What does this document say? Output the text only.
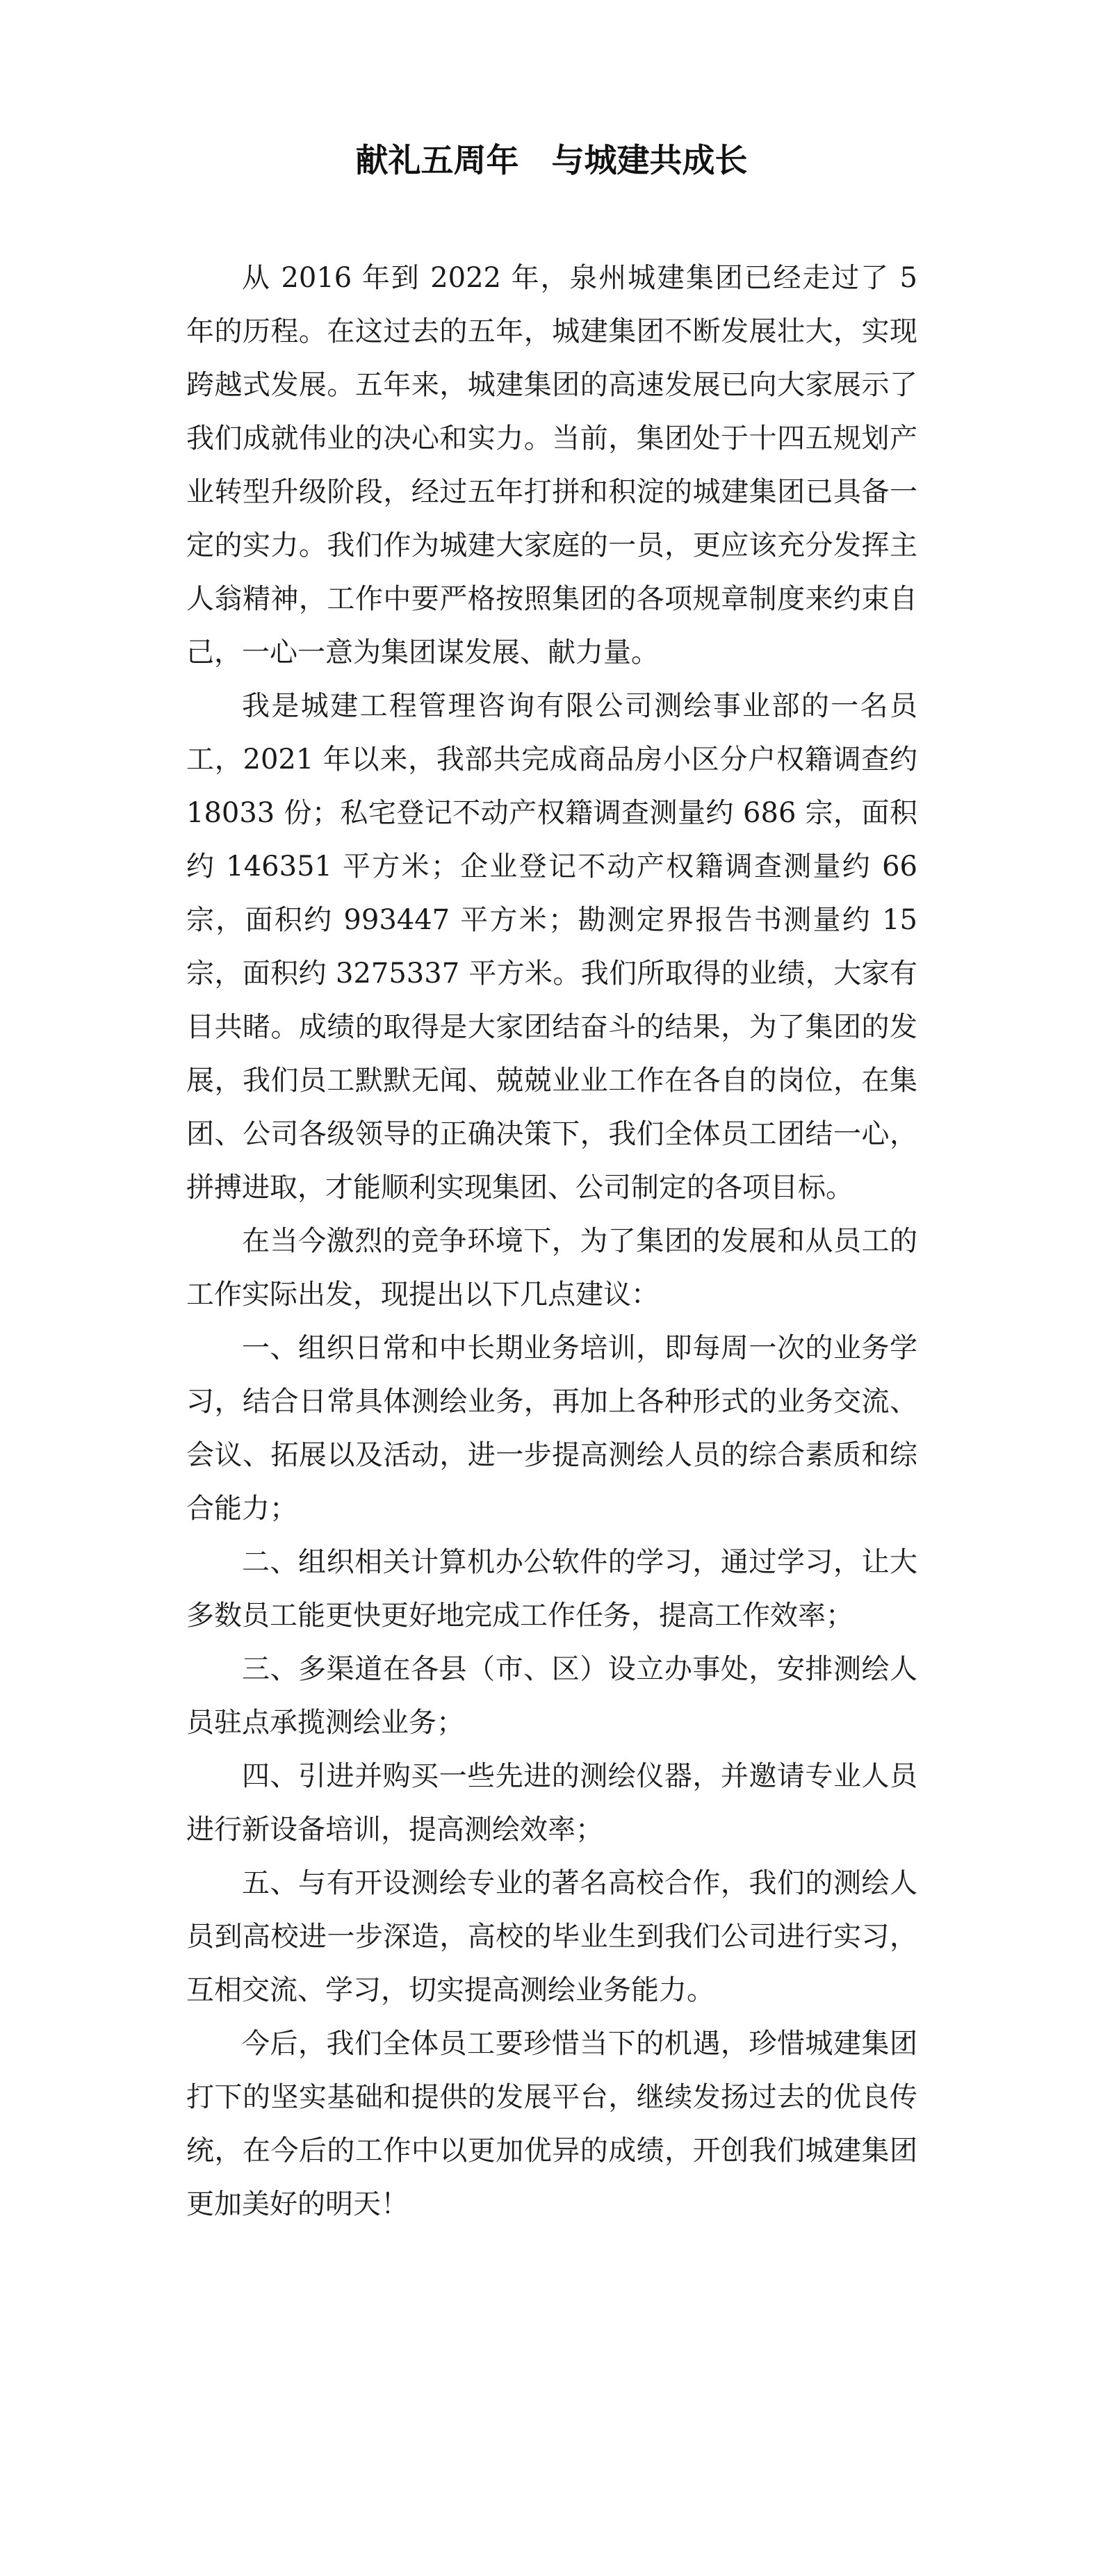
献礼五周年　与城建共成长

从 2016 年到 2022 年，泉州城建集团已经走过了 5 年的历程。在这过去的五年，城建集团不断发展壮大，实现跨越式发展。五年来，城建集团的高速发展已向大家展示了我们成就伟业的决心和实力。当前，集团处于十四五规划产业转型升级阶段，经过五年打拼和积淀的城建集团已具备一定的实力。我们作为城建大家庭的一员，更应该充分发挥主人翁精神，工作中要严格按照集团的各项规章制度来约束自己，一心一意为集团谋发展、献力量。

我是城建工程管理咨询有限公司测绘事业部的一名员工，2021 年以来，我部共完成商品房小区分户权籍调查约 18033 份；私宅登记不动产权籍调查测量约 686 宗，面积约 146351 平方米；企业登记不动产权籍调查测量约 66 宗，面积约 993447 平方米；勘测定界报告书测量约 15 宗，面积约 3275337 平方米。我们所取得的业绩，大家有目共睹。成绩的取得是大家团结奋斗的结果，为了集团的发展，我们员工默默无闻、兢兢业业工作在各自的岗位，在集团、公司各级领导的正确决策下，我们全体员工团结一心，拼搏进取，才能顺利实现集团、公司制定的各项目标。

在当今激烈的竞争环境下，为了集团的发展和从员工的工作实际出发，现提出以下几点建议：

一、组织日常和中长期业务培训，即每周一次的业务学习，结合日常具体测绘业务，再加上各种形式的业务交流、会议、拓展以及活动，进一步提高测绘人员的综合素质和综合能力；

二、组织相关计算机办公软件的学习，通过学习，让大多数员工能更快更好地完成工作任务，提高工作效率；

三、多渠道在各县（市、区）设立办事处，安排测绘人员驻点承揽测绘业务；

四、引进并购买一些先进的测绘仪器，并邀请专业人员进行新设备培训，提高测绘效率；

五、与有开设测绘专业的著名高校合作，我们的测绘人员到高校进一步深造，高校的毕业生到我们公司进行实习，互相交流、学习，切实提高测绘业务能力。

今后，我们全体员工要珍惜当下的机遇，珍惜城建集团打下的坚实基础和提供的发展平台，继续发扬过去的优良传统，在今后的工作中以更加优异的成绩，开创我们城建集团更加美好的明天！
